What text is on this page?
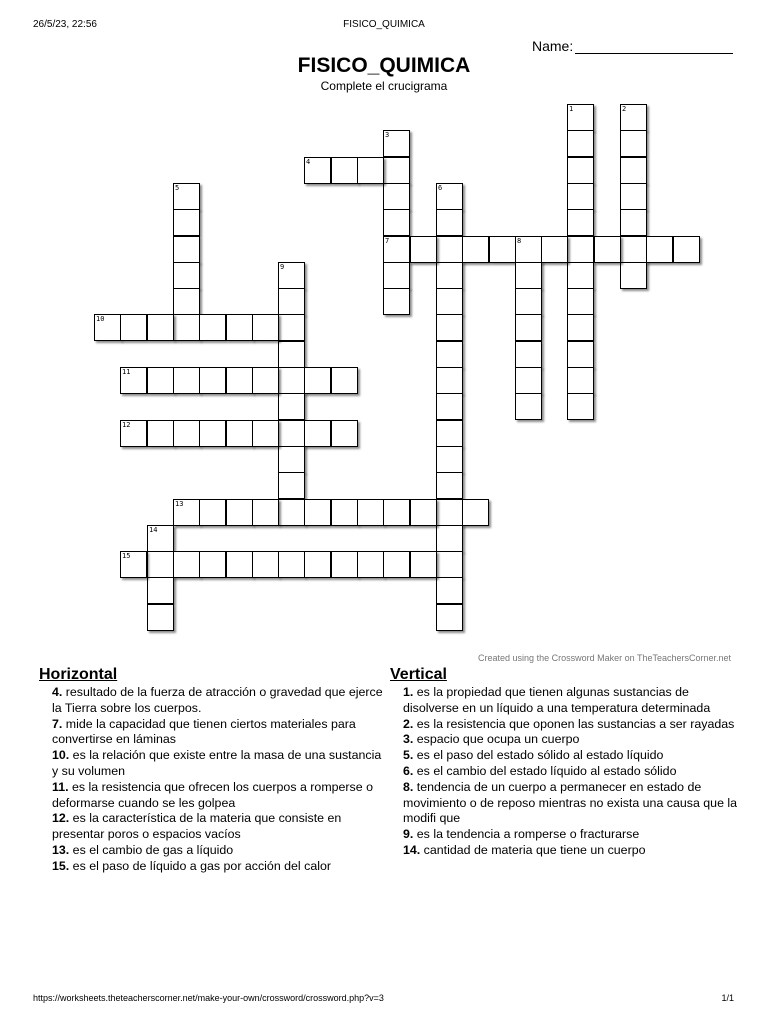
26/5/23, 22:56	FISICO_QUIMICA
Name:
FISICO_QUIMICA
Complete el crucigrama
1	2
3
7
4
5	6
8
9
10
11
12
13
14
15
Created using the Crossword Maker on TheTeachersCorner.net
Horizontal
4. resultado de la fuerza de atracción o gravedad que ejerce la Tierra sobre los cuerpos.
7. mide la capacidad que tienen ciertos materiales para convertirse en láminas
10. es la relación que existe entre la masa de una sustancia y su volumen
11. es la resistencia que ofrecen los cuerpos a romperse o deformarse cuando se les golpea
12. es la característica de la materia que consiste en presentar poros o espacios vacíos
13. es el cambio de gas a líquido
15. es el paso de líquido a gas por acción del calor
Vertical
1. es la propiedad que tienen algunas sustancias de disolverse en un líquido a una temperatura determinada
2. es la resistencia que oponen las sustancias a ser rayadas
3. espacio que ocupa un cuerpo
5. es el paso del estado sólido al estado líquido
6. es el cambio del estado líquido al estado sólido
8. tendencia de un cuerpo a permanecer en estado de movimiento o de reposo mientras no exista una causa que la modifi que
9. es la tendencia a romperse o fracturarse
14. cantidad de materia que tiene un cuerpo
https://worksheets.theteacherscorner.net/make-your-own/crossword/crossword.php?v=3	1/1
